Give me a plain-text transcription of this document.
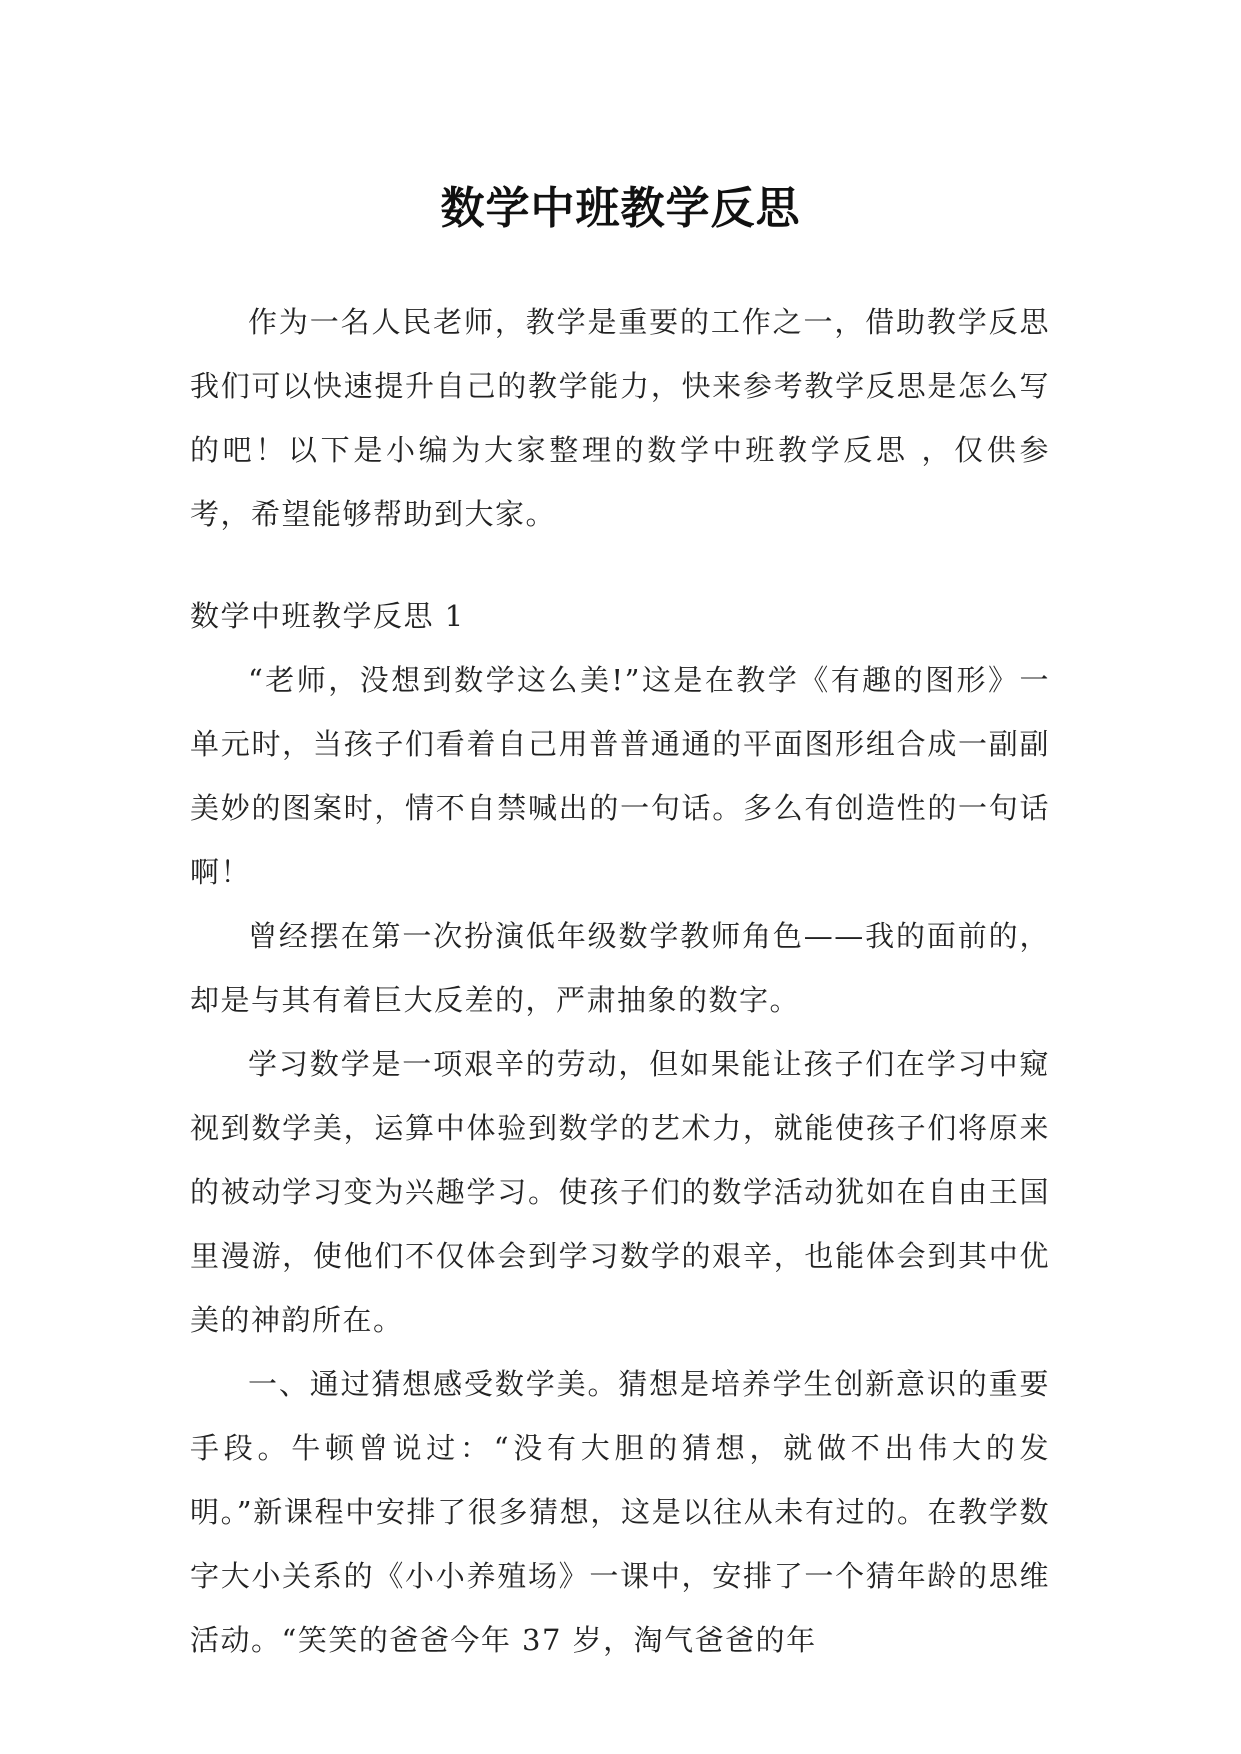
数学中班教学反思

作为一名人民老师，教学是重要的工作之一，借助教学反思我们可以快速提升自己的教学能力，快来参考教学反思是怎么写的吧！以下是小编为大家整理的数学中班教学反思 ，仅供参考，希望能够帮助到大家。

数学中班教学反思 1

“老师，没想到数学这么美!”这是在教学《有趣的图形》一单元时，当孩子们看着自己用普普通通的平面图形组合成一副副美妙的图案时，情不自禁喊出的一句话。多么有创造性的一句话啊！

曾经摆在第一次扮演低年级数学教师角色——我的面前的，却是与其有着巨大反差的，严肃抽象的数字。

学习数学是一项艰辛的劳动，但如果能让孩子们在学习中窥视到数学美，运算中体验到数学的艺术力，就能使孩子们将原来的被动学习变为兴趣学习。使孩子们的数学活动犹如在自由王国里漫游，使他们不仅体会到学习数学的艰辛，也能体会到其中优美的神韵所在。

一、通过猜想感受数学美。猜想是培养学生创新意识的重要手段。牛顿曾说过：“没有大胆的猜想，就做不出伟大的发明。”新课程中安排了很多猜想，这是以往从未有过的。在教学数字大小关系的《小小养殖场》一课中，安排了一个猜年龄的思维活动。“笑笑的爸爸今年 37 岁，淘气爸爸的年
